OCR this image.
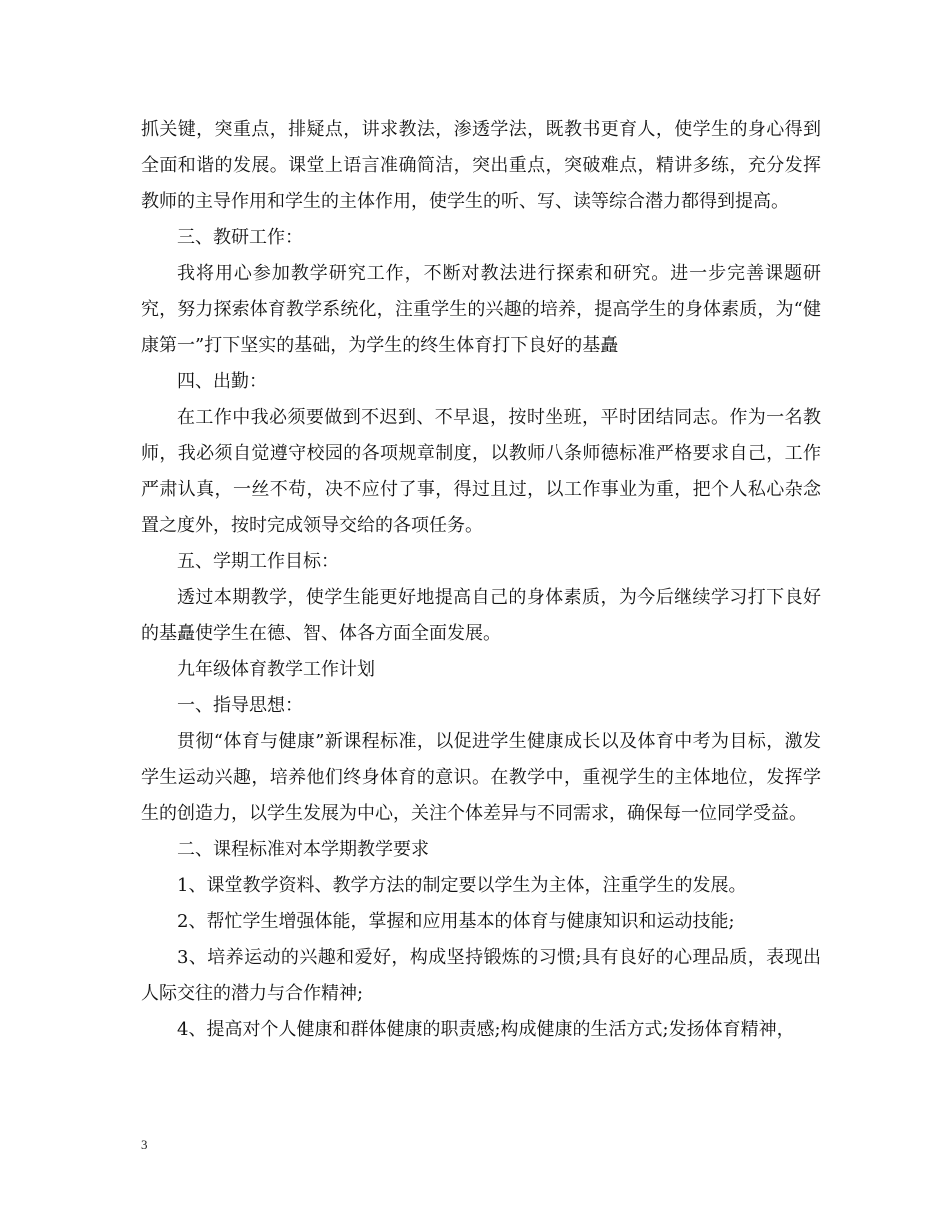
抓关键，突重点，排疑点，讲求教法，渗透学法，既教书更育人，使学生的身心得到全面和谐的发展。课堂上语言准确简洁，突出重点，突破难点，精讲多练，充分发挥教师的主导作用和学生的主体作用，使学生的听、写、读等综合潜力都得到提高。

三、教研工作：

我将用心参加教学研究工作，不断对教法进行探索和研究。进一步完善课题研究，努力探索体育教学系统化，注重学生的兴趣的培养，提高学生的身体素质，为“健康第一”打下坚实的基础，为学生的终生体育打下良好的基矗

四、出勤：

在工作中我必须要做到不迟到、不早退，按时坐班，平时团结同志。作为一名教师，我必须自觉遵守校园的各项规章制度，以教师八条师德标准严格要求自己，工作严肃认真，一丝不苟，决不应付了事，得过且过，以工作事业为重，把个人私心杂念置之度外，按时完成领导交给的各项任务。

五、学期工作目标：

透过本期教学，使学生能更好地提高自己的身体素质，为今后继续学习打下良好的基矗使学生在德、智、体各方面全面发展。

九年级体育教学工作计划

一、指导思想：

贯彻“体育与健康”新课程标准，以促进学生健康成长以及体育中考为目标，激发学生运动兴趣，培养他们终身体育的意识。在教学中，重视学生的主体地位，发挥学生的创造力，以学生发展为中心，关注个体差异与不同需求，确保每一位同学受益。

二、课程标准对本学期教学要求

1、课堂教学资料、教学方法的制定要以学生为主体，注重学生的发展。

2、帮忙学生增强体能，掌握和应用基本的体育与健康知识和运动技能;

3、培养运动的兴趣和爱好，构成坚持锻炼的习惯;具有良好的心理品质，表现出人际交往的潜力与合作精神;

4、提高对个人健康和群体健康的职责感;构成健康的生活方式;发扬体育精神，

3
